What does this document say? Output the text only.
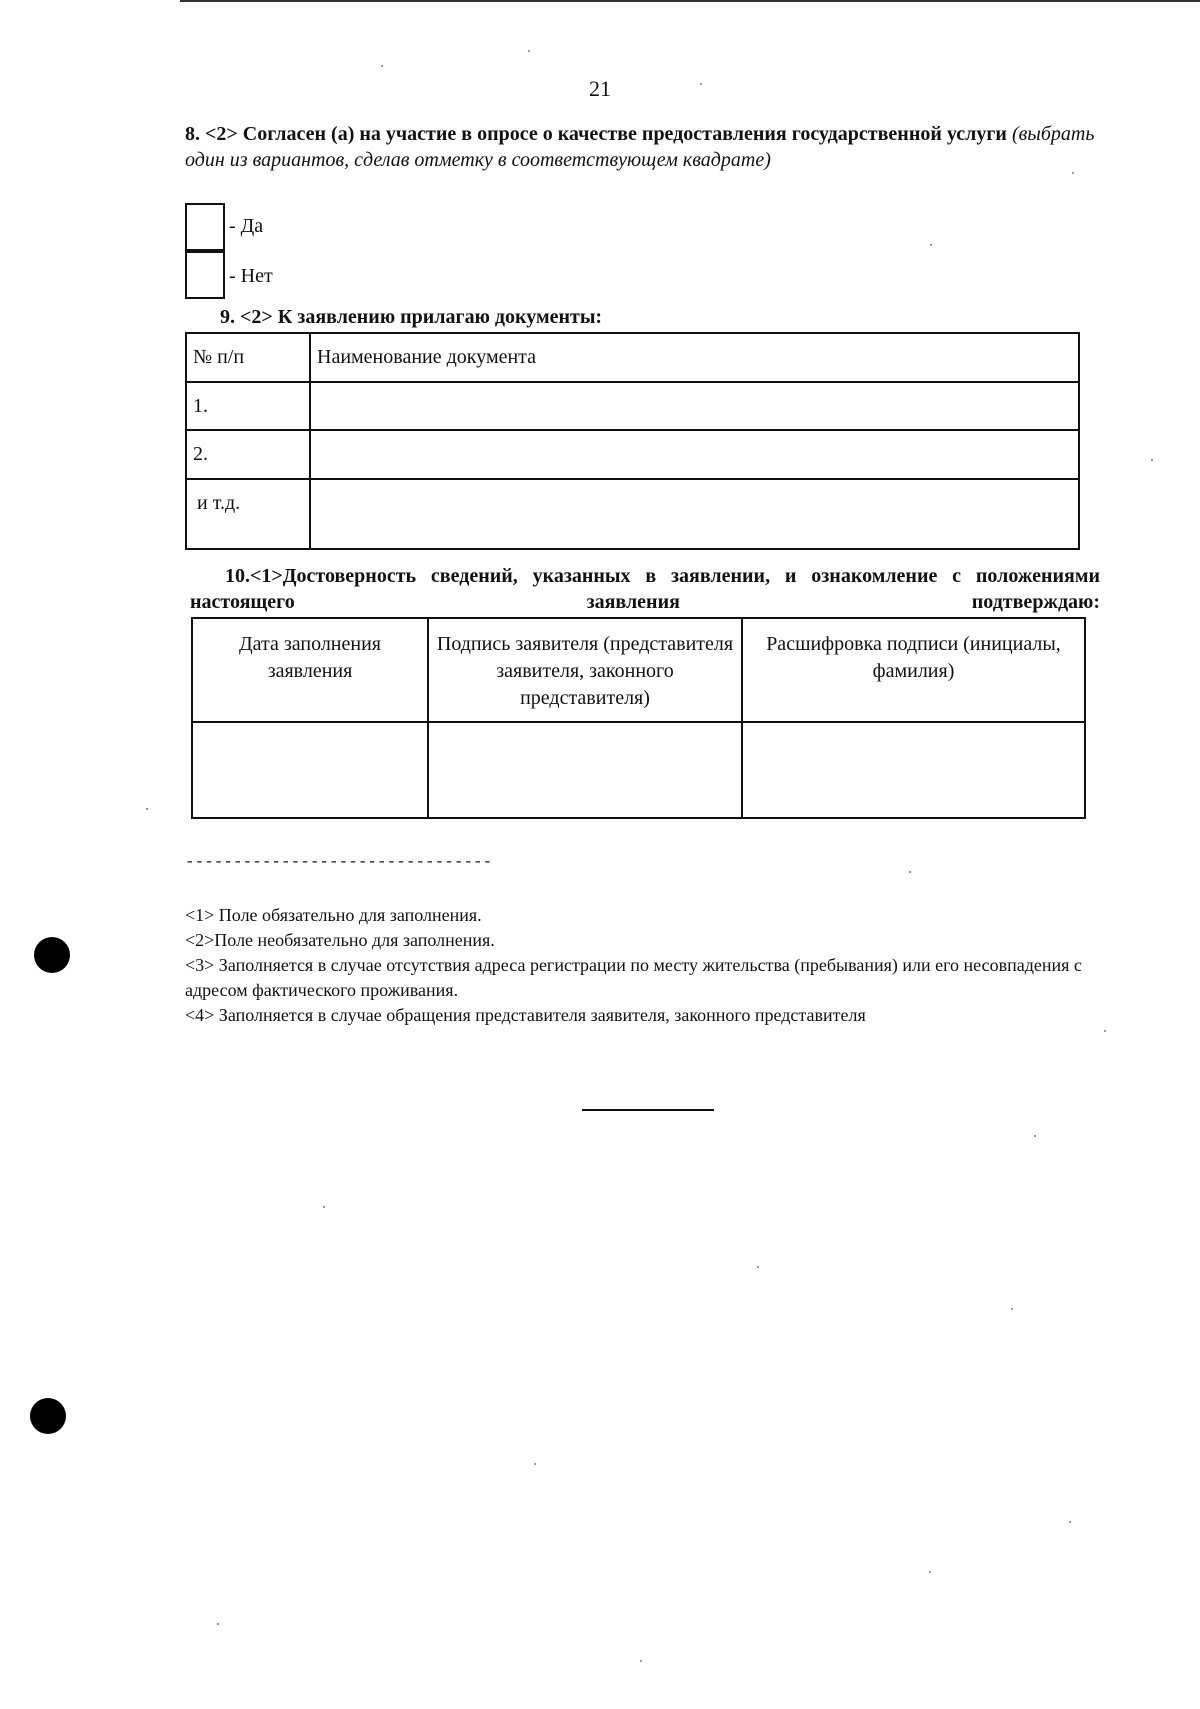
21
8. <2> Согласен (а) на участие в опросе о качестве предоставления государственной услуги (выбрать один из вариантов, сделав отметку в соответствующем квадрате)
- Да
- Нет
9. <2> К заявлению прилагаю документы:
№ п/п	Наименование документа
1.	
2.	
и т.д.	
10.<1>Достоверность сведений, указанных в заявлении, и ознакомление с положениями настоящего заявления подтверждаю:
Дата заполнения заявления	Подпись заявителя (представителя заявителя, законного представителя)	Расшифровка подписи (инициалы, фамилия)

--------------------------------
<1> Поле обязательно для заполнения.
<2>Поле необязательно для заполнения.
<3> Заполняется в случае отсутствия адреса регистрации по месту жительства (пребывания) или его несовпадения с адресом фактического проживания.
<4> Заполняется в случае обращения представителя заявителя, законного представителя
